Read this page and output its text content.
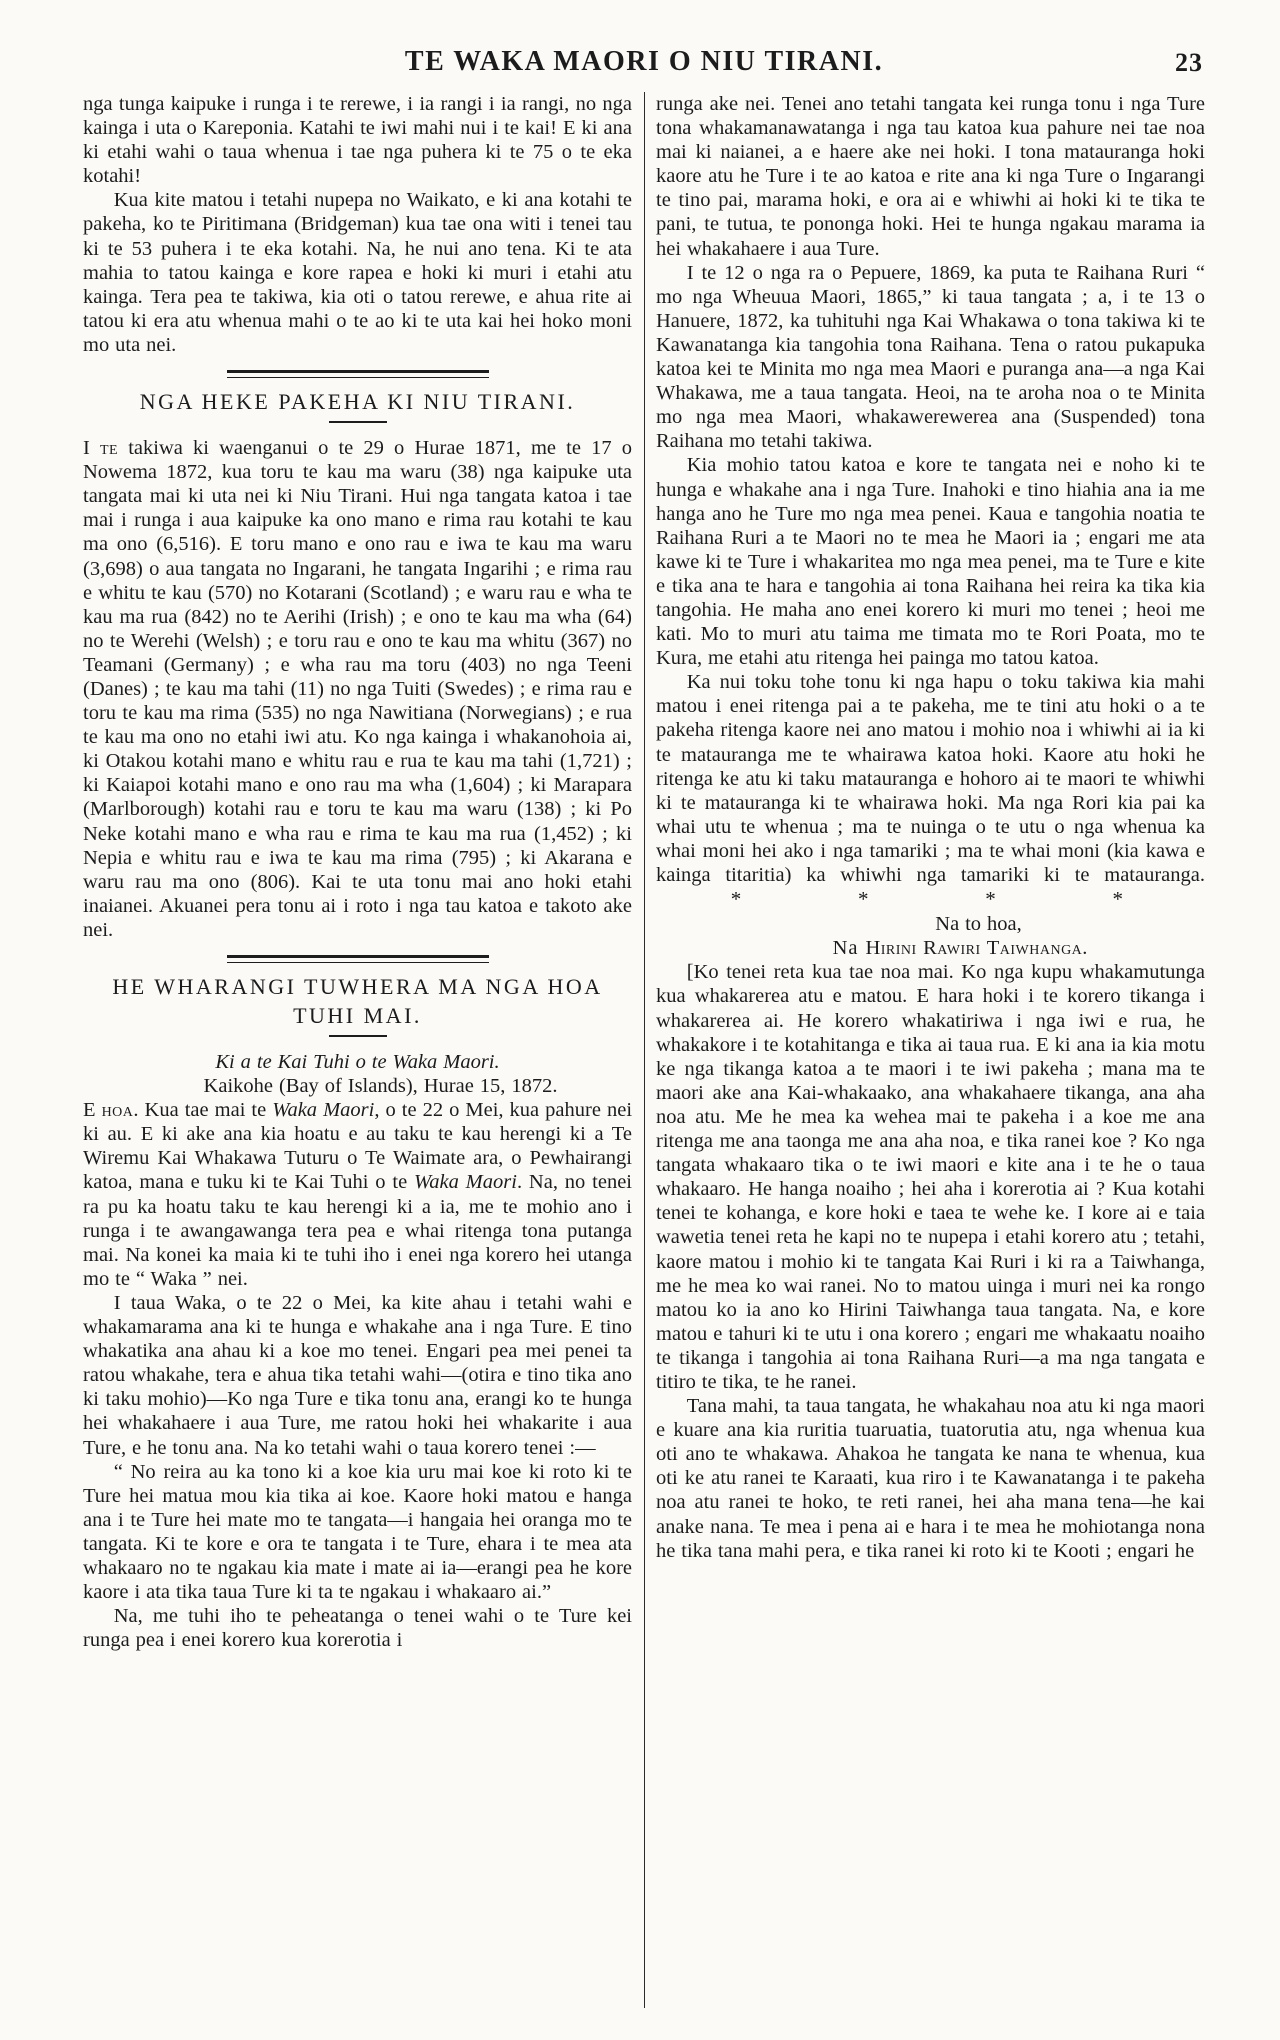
TE WAKA MAORI O NIU TIRANI.	23

nga tunga kaipuke i runga i te rerewe, i ia rangi i ia rangi, no nga kainga i uta o Kareponia. Katahi te iwi mahi nui i te kai! E ki ana ki etahi wahi o taua whenua i tae nga puhera ki te 75 o te eka kotahi!

Kua kite matou i tetahi nupepa no Waikato, e ki ana kotahi te pakeha, ko te Piritimana (Bridgeman) kua tae ona witi i tenei tau ki te 53 puhera i te eka kotahi. Na, he nui ano tena. Ki te ata mahia to tatou kainga e kore rapea e hoki ki muri i etahi atu kainga. Tera pea te takiwa, kia oti o tatou rerewe, e ahua rite ai tatou ki era atu whenua mahi o te ao ki te uta kai hei hoko moni mo uta nei.

NGA HEKE PAKEHA KI NIU TIRANI.

I te takiwa ki waenganui o te 29 o Hurae 1871, me te 17 o Nowema 1872, kua toru te kau ma waru (38) nga kaipuke uta tangata mai ki uta nei ki Niu Tirani. Hui nga tangata katoa i tae mai i runga i aua kaipuke ka ono mano e rima rau kotahi te kau ma ono (6,516). E toru mano e ono rau e iwa te kau ma waru (3,698) o aua tangata no Ingarani, he tangata Ingarihi ; e rima rau e whitu te kau (570) no Kotarani (Scotland) ; e waru rau e wha te kau ma rua (842) no te Aerihi (Irish) ; e ono te kau ma wha (64) no te Werehi (Welsh) ; e toru rau e ono te kau ma whitu (367) no Teamani (Germany) ; e wha rau ma toru (403) no nga Teeni (Danes) ; te kau ma tahi (11) no nga Tuiti (Swedes) ; e rima rau e toru te kau ma rima (535) no nga Nawitiana (Norwegians) ; e rua te kau ma ono no etahi iwi atu. Ko nga kainga i whakanohoia ai, ki Otakou kotahi mano e whitu rau e rua te kau ma tahi (1,721) ; ki Kaiapoi kotahi mano e ono rau ma wha (1,604) ; ki Marapara (Marlborough) kotahi rau e toru te kau ma waru (138) ; ki Po Neke kotahi mano e wha rau e rima te kau ma rua (1,452) ; ki Nepia e whitu rau e iwa te kau ma rima (795) ; ki Akarana e waru rau ma ono (806). Kai te uta tonu mai ano hoki etahi inaianei. Akuanei pera tonu ai i roto i nga tau katoa e takoto ake nei.

HE WHARANGI TUWHERA MA NGA HOA TUHI MAI.

Ki a te Kai Tuhi o te Waka Maori.

Kaikohe (Bay of Islands), Hurae 15, 1872.

E hoa. Kua tae mai te Waka Maori, o te 22 o Mei, kua pahure nei ki au. E ki ake ana kia hoatu e au taku te kau herengi ki a Te Wiremu Kai Whakawa Tuturu o Te Waimate ara, o Pewhairangi katoa, mana e tuku ki te Kai Tuhi o te Waka Maori. Na, no tenei ra pu ka hoatu taku te kau herengi ki a ia, me te mohio ano i runga i te awangawanga tera pea e whai ritenga tona putanga mai. Na konei ka maia ki te tuhi iho i enei nga korero hei utanga mo te “ Waka ” nei.

I taua Waka, o te 22 o Mei, ka kite ahau i tetahi wahi e whakamarama ana ki te hunga e whakahe ana i nga Ture. E tino whakatika ana ahau ki a koe mo tenei. Engari pea mei penei ta ratou whakahe, tera e ahua tika tetahi wahi—(otira e tino tika ano ki taku mohio)—Ko nga Ture e tika tonu ana, erangi ko te hunga hei whakahaere i aua Ture, me ratou hoki hei whakarite i aua Ture, e he tonu ana. Na ko tetahi wahi o taua korero tenei :—

“ No reira au ka tono ki a koe kia uru mai koe ki roto ki te Ture hei matua mou kia tika ai koe. Kaore hoki matou e hanga ana i te Ture hei mate mo te tangata—i hangaia hei oranga mo te tangata. Ki te kore e ora te tangata i te Ture, ehara i te mea ata whakaaro no te ngakau kia mate i mate ai ia—erangi pea he kore kaore i ata tika taua Ture ki ta te ngakau i whakaaro ai.”

Na, me tuhi iho te peheatanga o tenei wahi o te Ture kei runga pea i enei korero kua korerotia i

runga ake nei. Tenei ano tetahi tangata kei runga tonu i nga Ture tona whakamanawatanga i nga tau katoa kua pahure nei tae noa mai ki naianei, a e haere ake nei hoki. I tona matauranga hoki kaore atu he Ture i te ao katoa e rite ana ki nga Ture o Ingarangi te tino pai, marama hoki, e ora ai e whiwhi ai hoki ki te tika te pani, te tutua, te pononga hoki. Hei te hunga ngakau marama ia hei whakahaere i aua Ture.

I te 12 o nga ra o Pepuere, 1869, ka puta te Raihana Ruri “ mo nga Wheuua Maori, 1865,” ki taua tangata ; a, i te 13 o Hanuere, 1872, ka tuhituhi nga Kai Whakawa o tona takiwa ki te Kawanatanga kia tangohia tona Raihana. Tena o ratou pukapuka katoa kei te Minita mo nga mea Maori e puranga ana—a nga Kai Whakawa, me a taua tangata. Heoi, na te aroha noa o te Minita mo nga mea Maori, whakawerewerea ana (Suspended) tona Raihana mo tetahi takiwa.

Kia mohio tatou katoa e kore te tangata nei e noho ki te hunga e whakahe ana i nga Ture. Inahoki e tino hiahia ana ia me hanga ano he Ture mo nga mea penei. Kaua e tangohia noatia te Raihana Ruri a te Maori no te mea he Maori ia ; engari me ata kawe ki te Ture i whakaritea mo nga mea penei, ma te Ture e kite e tika ana te hara e tangohia ai tona Raihana hei reira ka tika kia tangohia. He maha ano enei korero ki muri mo tenei ; heoi me kati. Mo to muri atu taima me timata mo te Rori Poata, mo te Kura, me etahi atu ritenga hei painga mo tatou katoa.

Ka nui toku tohe tonu ki nga hapu o toku takiwa kia mahi matou i enei ritenga pai a te pakeha, me te tini atu hoki o a te pakeha ritenga kaore nei ano matou i mohio noa i whiwhi ai ia ki te matauranga me te whairawa katoa hoki. Kaore atu hoki he ritenga ke atu ki taku matauranga e hohoro ai te maori te whiwhi ki te matauranga ki te whairawa hoki. Ma nga Rori kia pai ka whai utu te whenua ; ma te nuinga o te utu o nga whenua ka whai moni hei ako i nga tamariki ; ma te whai moni (kia kawa e kainga titaritia) ka whiwhi nga tamariki ki te matauranga.*	*	*	*

Na to hoa,

Na Hirini Rawiri Taiwhanga.

[Ko tenei reta kua tae noa mai. Ko nga kupu whakamutunga kua whakarerea atu e matou. E hara hoki i te korero tikanga i whakarerea ai. He korero whakatiriwa i nga iwi e rua, he whakakore i te kotahitanga e tika ai taua rua. E ki ana ia kia motu ke nga tikanga katoa a te maori i te iwi pakeha ; mana ma te maori ake ana Kai-whakaako, ana whakahaere tikanga, ana aha noa atu. Me he mea ka wehea mai te pakeha i a koe me ana ritenga me ana taonga me ana aha noa, e tika ranei koe ? Ko nga tangata whakaaro tika o te iwi maori e kite ana i te he o taua whakaaro. He hanga noaiho ; hei aha i korerotia ai ? Kua kotahi tenei te kohanga, e kore hoki e taea te wehe ke. I kore ai e taia wawetia tenei reta he kapi no te nupepa i etahi korero atu ; tetahi, kaore matou i mohio ki te tangata Kai Ruri i ki ra a Taiwhanga, me he mea ko wai ranei. No to matou uinga i muri nei ka rongo matou ko ia ano ko Hirini Taiwhanga taua tangata. Na, e kore matou e tahuri ki te utu i ona korero ; engari me whakaatu noaiho te tikanga i tangohia ai tona Raihana Ruri—a ma nga tangata e titiro te tika, te he ranei.

Tana mahi, ta taua tangata, he whakahau noa atu ki nga maori e kuare ana kia ruritia tuaruatia, tuatorutia atu, nga whenua kua oti ano te whakawa. Ahakoa he tangata ke nana te whenua, kua oti ke atu ranei te Karaati, kua riro i te Kawanatanga i te pakeha noa atu ranei te hoko, te reti ranei, hei aha mana tena—he kai anake nana. Te mea i pena ai e hara i te mea he mohiotanga nona he tika tana mahi pera, e tika ranei ki roto ki te Kooti ; engari he
